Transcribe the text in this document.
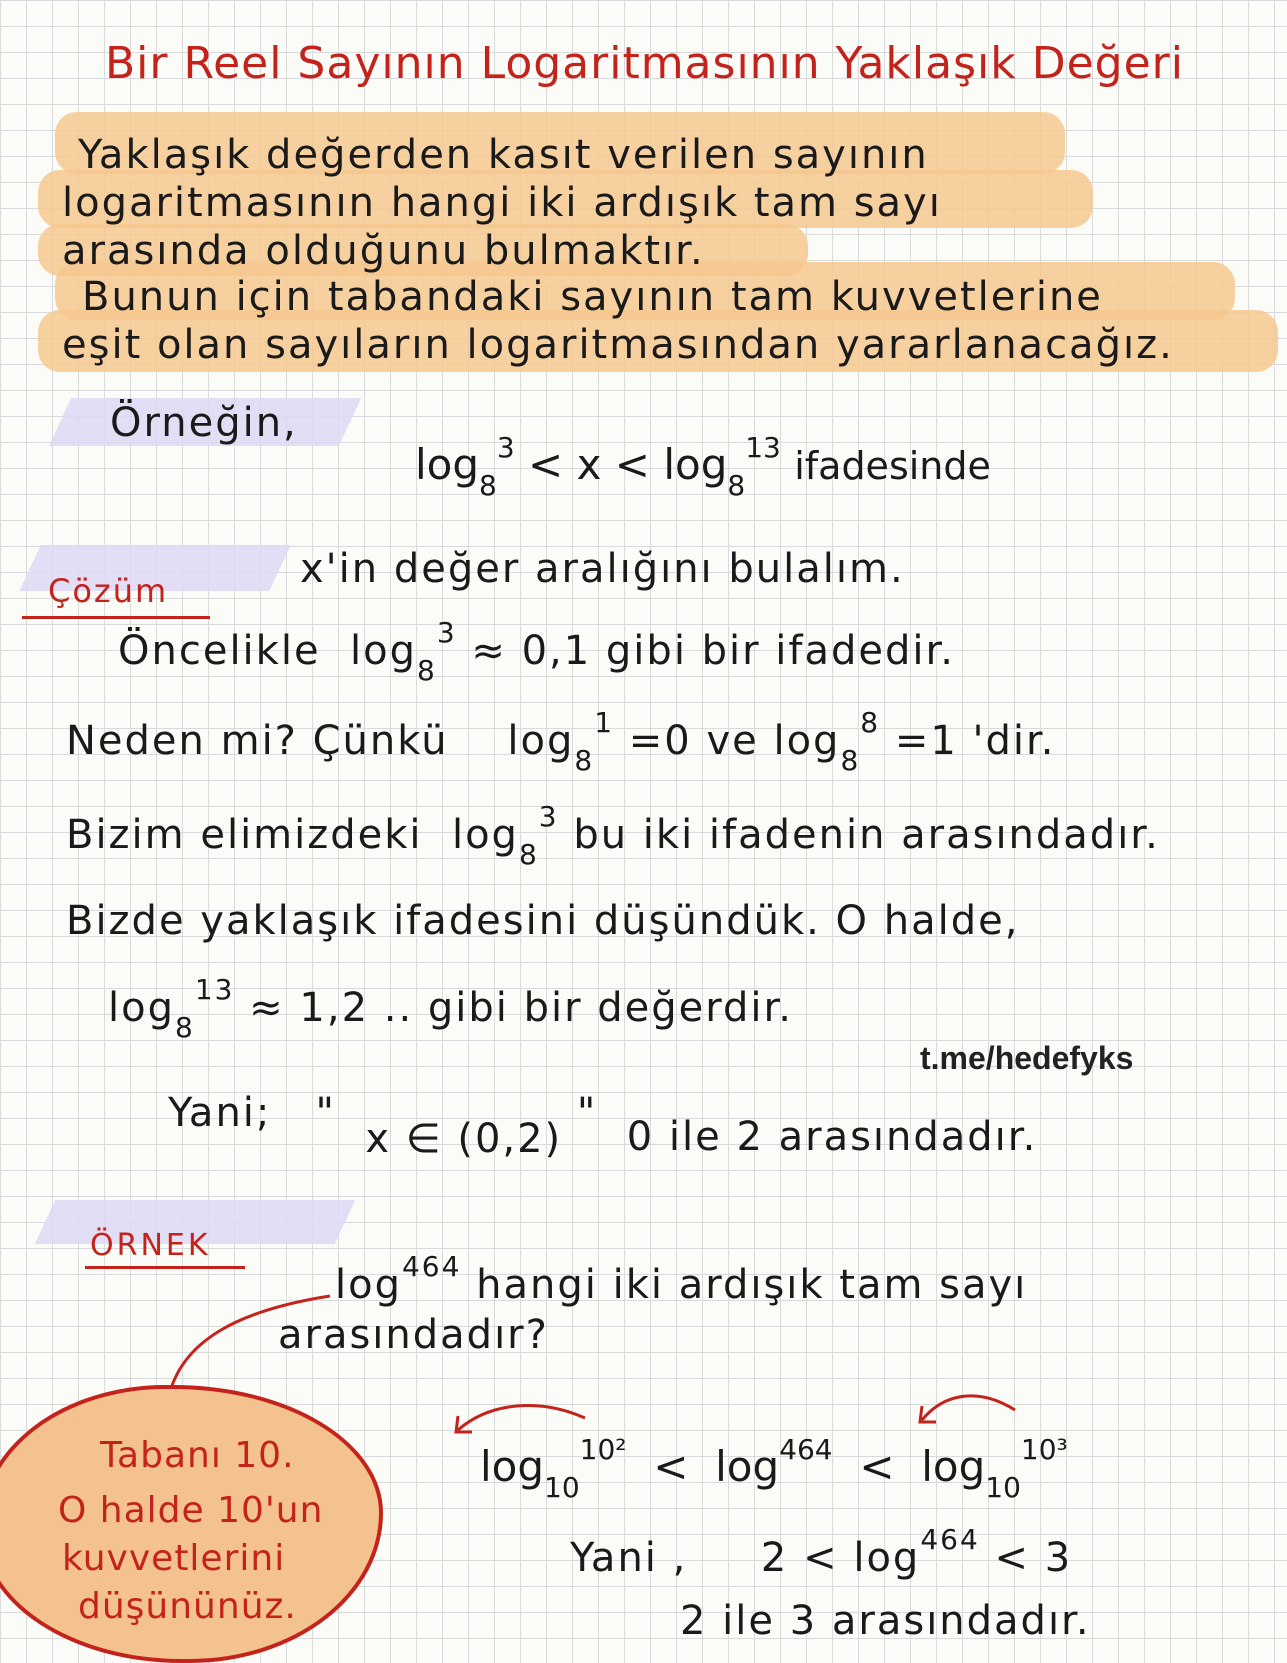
Bir Reel Sayının Logaritmasının Yaklaşık Değeri
Yaklaşık değerden kasıt verilen sayının
logaritmasının hangi iki ardışık tam sayı
arasında olduğunu bulmaktır.
Bunun için tabandaki sayının tam kuvvetlerine
eşit olan sayıların logaritmasından yararlanacağız.
Örneğin,
$\log_8^3 < x < \log_8^{13}$ ifadesinde
Çözüm	x'in değer aralığını bulalım.
Öncelikle $\log_8^3 \approx 0,1$ gibi bir ifadedir.
Neden mi? Çünkü $\log_8^1 =0$ ve $\log_8^8 =1$ 'dir.
Bizim elimizdeki $\log_8^3$ bu iki ifadenin arasındadır.
Bizde yaklaşık ifadesini düşündük. O halde,
$\log_8^{13} \approx 1,2$ .. gibi bir değerdir.
t.me/hedefyks
Yani; "  x ∈ (0,2) "  0 ile 2 arasındadır.
ÖRNEK
$\log^{464}$ hangi iki ardışık tam sayı
arasındadır?
Tabanı 10.
O halde 10'un
kuvvetlerini
düşününüz.
$\log_{10}^{10^2} < \log^{464} < \log_{10}^{10^3}$
Yani , $2 < \log^{464} < 3$
2 ile 3 arasındadır.
